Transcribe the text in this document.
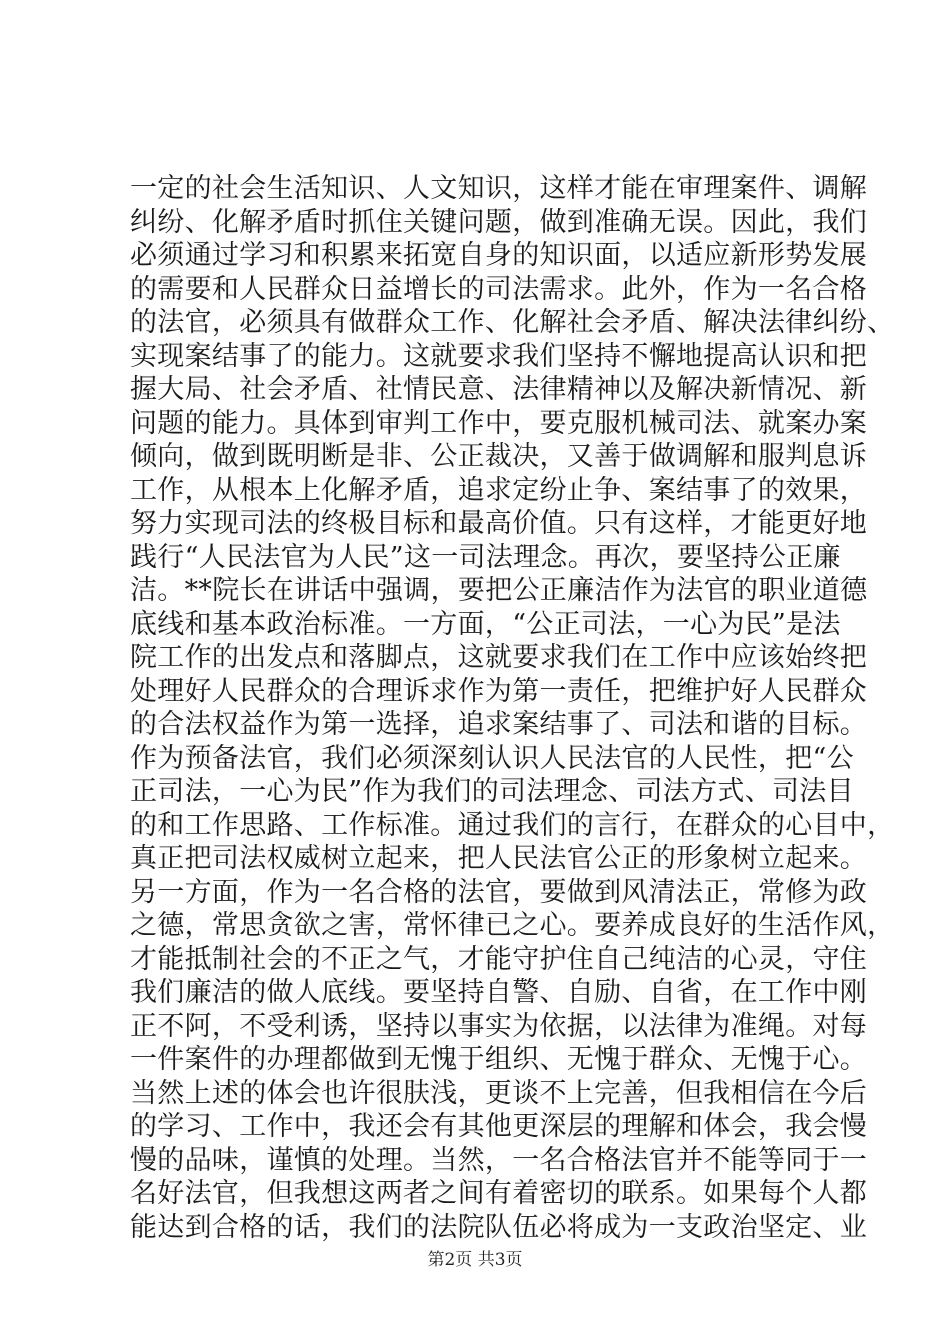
一定的社会生活知识、人文知识，这样才能在审理案件、调解
纠纷、化解矛盾时抓住关键问题，做到准确无误。因此，我们
必须通过学习和积累来拓宽自身的知识面，以适应新形势发展
的需要和人民群众日益增长的司法需求。此外，作为一名合格
的法官，必须具有做群众工作、化解社会矛盾、解决法律纠纷、
实现案结事了的能力。这就要求我们坚持不懈地提高认识和把
握大局、社会矛盾、社情民意、法律精神以及解决新情况、新
问题的能力。具体到审判工作中，要克服机械司法、就案办案
倾向，做到既明断是非、公正裁决，又善于做调解和服判息诉
工作，从根本上化解矛盾，追求定纷止争、案结事了的效果，
努力实现司法的终极目标和最高价值。只有这样，才能更好地
践行“人民法官为人民”这一司法理念。再次，要坚持公正廉
洁。**院长在讲话中强调，要把公正廉洁作为法官的职业道德
底线和基本政治标准。一方面，“公正司法，一心为民”是法
院工作的出发点和落脚点，这就要求我们在工作中应该始终把
处理好人民群众的合理诉求作为第一责任，把维护好人民群众
的合法权益作为第一选择，追求案结事了、司法和谐的目标。
作为预备法官，我们必须深刻认识人民法官的人民性，把“公
正司法，一心为民”作为我们的司法理念、司法方式、司法目
的和工作思路、工作标准。通过我们的言行，在群众的心目中，
真正把司法权威树立起来，把人民法官公正的形象树立起来。
另一方面，作为一名合格的法官，要做到风清法正，常修为政
之德，常思贪欲之害，常怀律已之心。要养成良好的生活作风，
才能抵制社会的不正之气，才能守护住自己纯洁的心灵，守住
我们廉洁的做人底线。要坚持自警、自励、自省，在工作中刚
正不阿，不受利诱，坚持以事实为依据，以法律为准绳。对每
一件案件的办理都做到无愧于组织、无愧于群众、无愧于心。
当然上述的体会也许很肤浅，更谈不上完善，但我相信在今后
的学习、工作中，我还会有其他更深层的理解和体会，我会慢
慢的品味，谨慎的处理。当然，一名合格法官并不能等同于一
名好法官，但我想这两者之间有着密切的联系。如果每个人都
能达到合格的话，我们的法院队伍必将成为一支政治坚定、业
第2页 共3页
